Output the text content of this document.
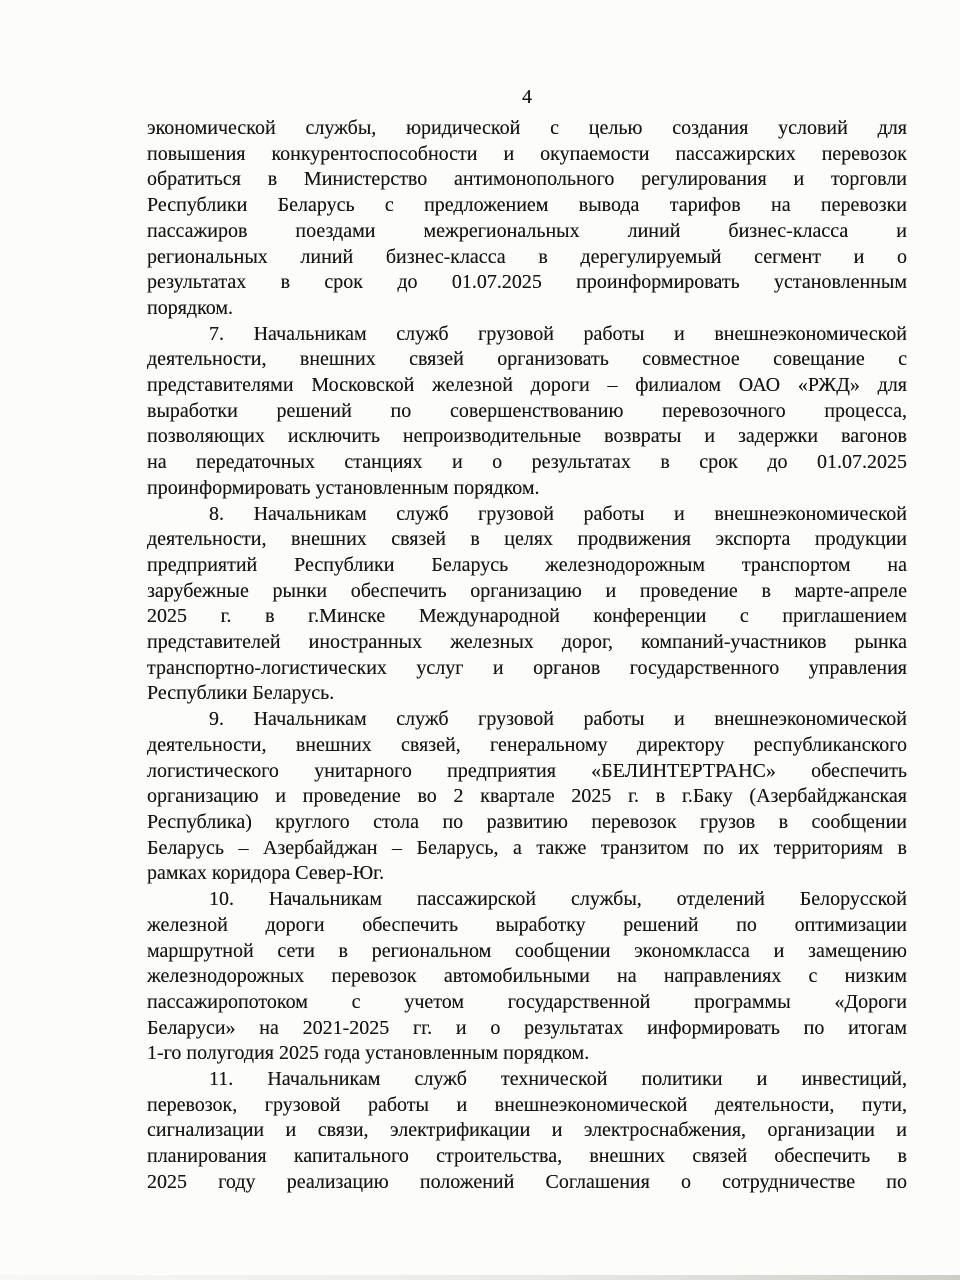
4

экономической службы, юридической с целью создания условий для
повышения конкурентоспособности и окупаемости пассажирских перевозок
обратиться в Министерство антимонопольного регулирования и торговли
Республики Беларусь с предложением вывода тарифов на перевозки
пассажиров поездами межрегиональных линий бизнес-класса и
региональных линий бизнес-класса в дерегулируемый сегмент и о
результатах в срок до 01.07.2025 проинформировать установленным
порядком.

7. Начальникам служб грузовой работы и внешнеэкономической
деятельности, внешних связей организовать совместное совещание с
представителями Московской железной дороги – филиалом ОАО «РЖД» для
выработки решений по совершенствованию перевозочного процесса,
позволяющих исключить непроизводительные возвраты и задержки вагонов
на передаточных станциях и о результатах в срок до 01.07.2025
проинформировать установленным порядком.

8. Начальникам служб грузовой работы и внешнеэкономической
деятельности, внешних связей в целях продвижения экспорта продукции
предприятий Республики Беларусь железнодорожным транспортом на
зарубежные рынки обеспечить организацию и проведение в марте-апреле
2025 г. в г.Минске Международной конференции с приглашением
представителей иностранных железных дорог, компаний-участников рынка
транспортно-логистических услуг и органов государственного управления
Республики Беларусь.

9. Начальникам служб грузовой работы и внешнеэкономической
деятельности, внешних связей, генеральному директору республиканского
логистического унитарного предприятия «БЕЛИНТЕРТРАНС» обеспечить
организацию и проведение во 2 квартале 2025 г. в г.Баку (Азербайджанская
Республика) круглого стола по развитию перевозок грузов в сообщении
Беларусь – Азербайджан – Беларусь, а также транзитом по их территориям в
рамках коридора Север-Юг.

10. Начальникам пассажирской службы, отделений Белорусской
железной дороги обеспечить выработку решений по оптимизации
маршрутной сети в региональном сообщении экономкласса и замещению
железнодорожных перевозок автомобильными на направлениях с низким
пассажиропотоком с учетом государственной программы «Дороги
Беларуси» на 2021-2025 гг. и о результатах информировать по итогам
1-го полугодия 2025 года установленным порядком.

11. Начальникам служб технической политики и инвестиций,
перевозок, грузовой работы и внешнеэкономической деятельности, пути,
сигнализации и связи, электрификации и электроснабжения, организации и
планирования капитального строительства, внешних связей обеспечить в
2025 году реализацию положений Соглашения о сотрудничестве по
